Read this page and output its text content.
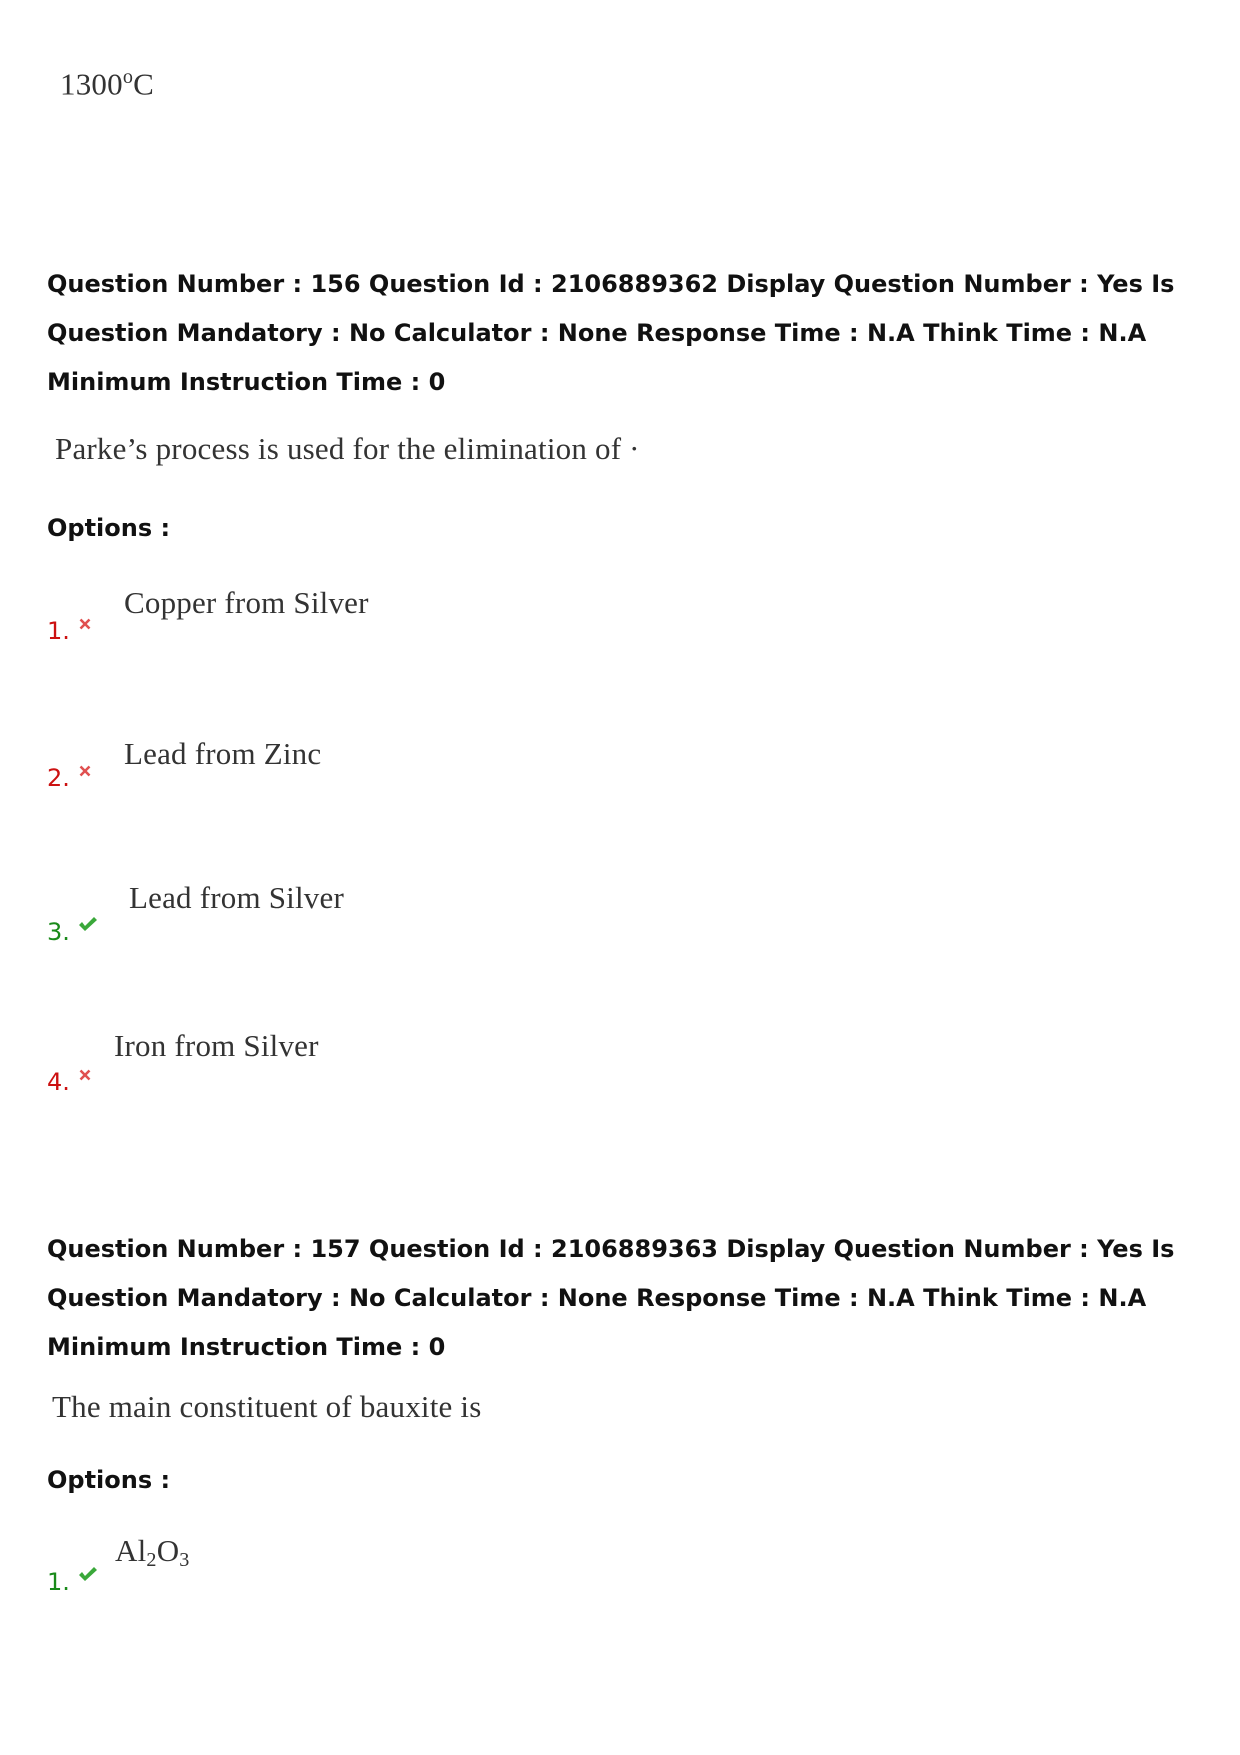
1300$^o$C
Question Number : 156 Question Id : 2106889362 Display Question Number : Yes Is Question Mandatory : No Calculator : None Response Time : N.A Think Time : N.A Minimum Instruction Time : 0
Parke’s process is used for the elimination of ·
Options :
1.
Copper from Silver
2.
Lead from Zinc
3.
Lead from Silver
4.
Iron from Silver
Question Number : 157 Question Id : 2106889363 Display Question Number : Yes Is Question Mandatory : No Calculator : None Response Time : N.A Think Time : N.A Minimum Instruction Time : 0
The main constituent of bauxite is
Options :
1.
$Al_2O_3$
